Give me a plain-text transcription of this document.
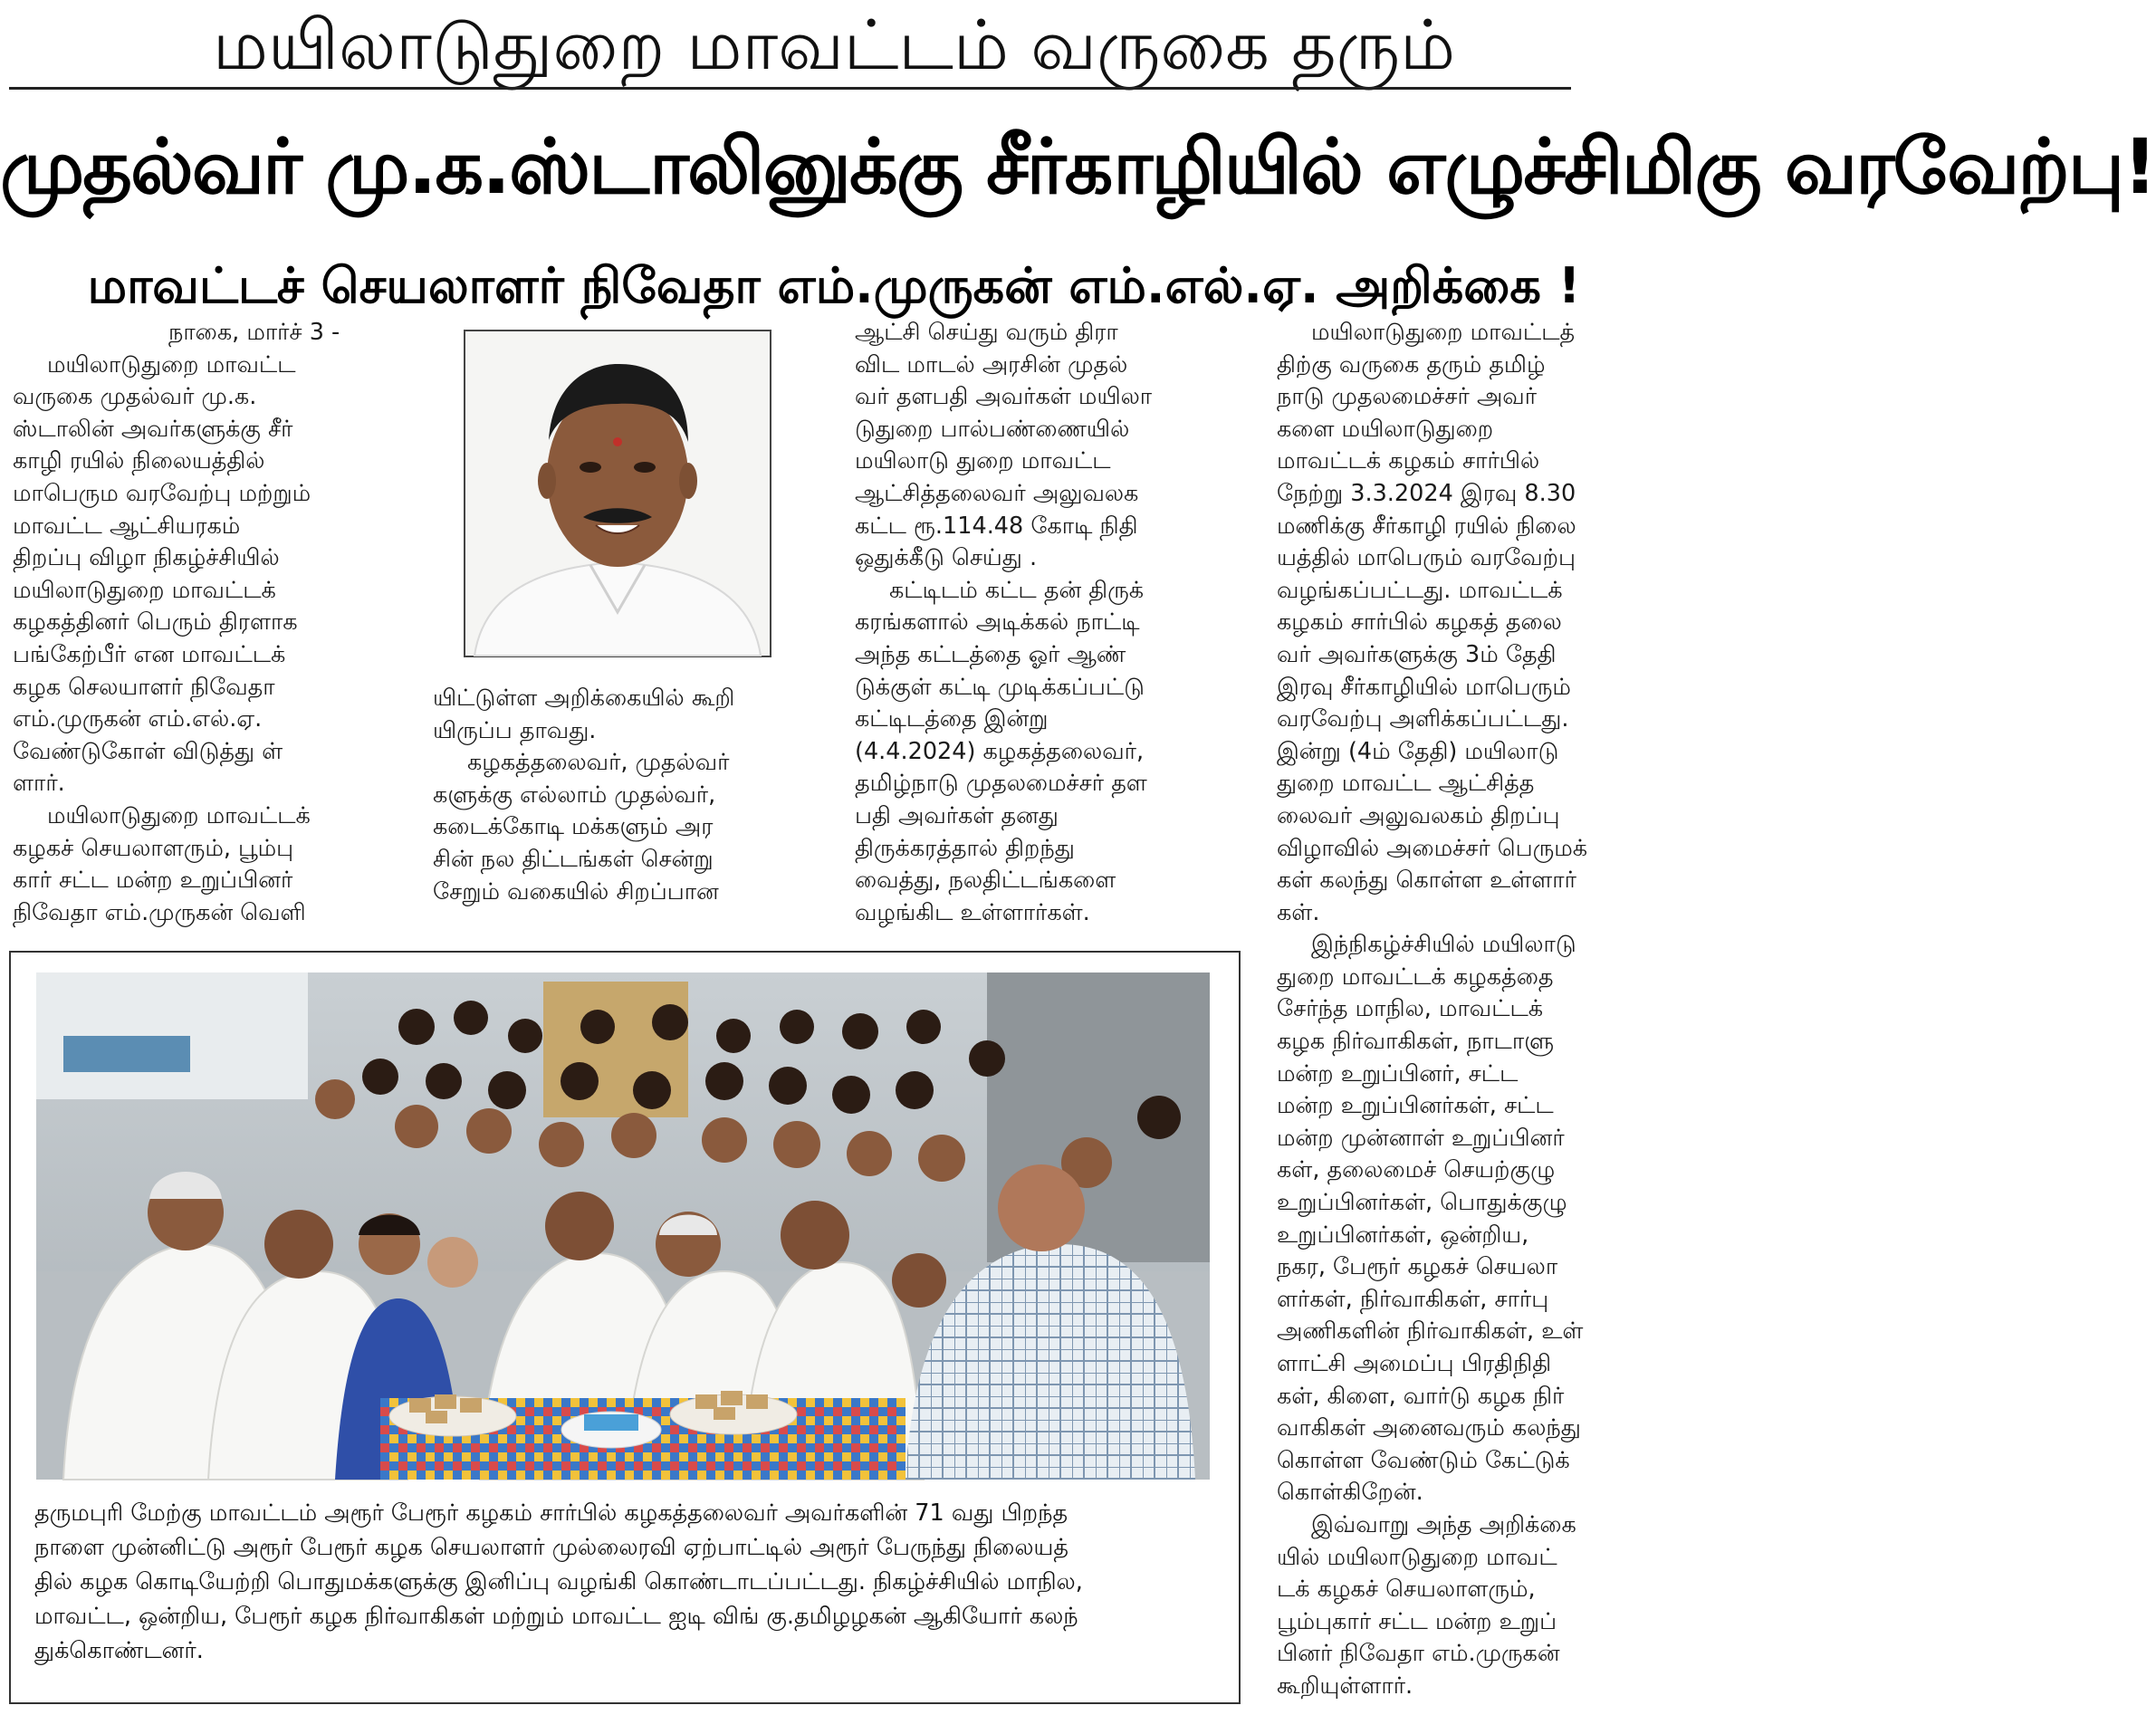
மயிலாடுதுறை மாவட்டம் வருகை தரும்
முதல்வர் மு.க.ஸ்டாலினுக்கு சீர்காழியில் எழுச்சிமிகு வரவேற்பு!
மாவட்டச் செயலாளர் நிவேதா எம்.முருகன் எம்.எல்.ஏ. அறிக்கை !
நாகை, மார்ச் 3 -
மயிலாடுதுறை மாவட்ட
வருகை முதல்வர் மு.க.
ஸ்டாலின் அவர்களுக்கு சீர்
காழி ரயில் நிலையத்தில்
மாபெரும வரவேற்பு மற்றும்
மாவட்ட ஆட்சியரகம்
திறப்பு விழா நிகழ்ச்சியில்
மயிலாடுதுறை மாவட்டக்
கழகத்தினர் பெரும் திரளாக
பங்கேற்பீர் என மாவட்டக்
கழக செலயாளர் நிவேதா
எம்.முருகன் எம்.எல்.ஏ.
வேண்டுகோள் விடுத்து ள்
ளார்.
மயிலாடுதுறை மாவட்டக்
கழகச் செயலாளரும், பூம்பு
கார் சட்ட மன்ற உறுப்பினர்
நிவேதா எம்.முருகன் வெளி
யிட்டுள்ள அறிக்கையில் கூறி
யிருப்ப தாவது.
கழகத்தலைவர், முதல்வர்
களுக்கு எல்லாம் முதல்வர்,
கடைக்கோடி மக்களும் அர
சின் நல திட்டங்கள் சென்று
சேறும் வகையில் சிறப்பான
ஆட்சி செய்து வரும் திரா
விட மாடல் அரசின் முதல்
வர் தளபதி அவர்கள் மயிலா
டுதுறை பால்பண்ணையில்
மயிலாடு துறை மாவட்ட
ஆட்சித்தலைவர் அலுவலக
கட்ட ரூ.114.48 கோடி நிதி
ஒதுக்கீடு செய்து .
கட்டிடம் கட்ட தன் திருக்
கரங்களால் அடிக்கல் நாட்டி
அந்த கட்டத்தை ஓர் ஆண்
டுக்குள் கட்டி முடிக்கப்பட்டு
கட்டிடத்தை இன்று
(4.4.2024) கழகத்தலைவர்,
தமிழ்நாடு முதலமைச்சர் தள
பதி அவர்கள் தனது
திருக்கரத்தால் திறந்து
வைத்து, நலதிட்டங்களை
வழங்கிட உள்ளார்கள்.
மயிலாடுதுறை மாவட்டத்
திற்கு வருகை தரும் தமிழ்
நாடு முதலமைச்சர் அவர்
களை மயிலாடுதுறை
மாவட்டக் கழகம் சார்பில்
நேற்று 3.3.2024 இரவு 8.30
மணிக்கு சீர்காழி ரயில் நிலை
யத்தில் மாபெரும் வரவேற்பு
வழங்கப்பட்டது. மாவட்டக்
கழகம் சார்பில் கழகத் தலை
வர் அவர்களுக்கு 3ம் தேதி
இரவு சீர்காழியில் மாபெரும்
வரவேற்பு அளிக்கப்பட்டது.
இன்று (4ம் தேதி) மயிலாடு
துறை மாவட்ட ஆட்சித்த
லைவர் அலுவலகம் திறப்பு
விழாவில் அமைச்சர் பெருமக்
கள் கலந்து கொள்ள உள்ளார்
கள்.
இந்நிகழ்ச்சியில் மயிலாடு
துறை மாவட்டக் கழகத்தை
சேர்ந்த மாநில, மாவட்டக்
கழக நிர்வாகிகள், நாடாளு
மன்ற உறுப்பினர், சட்ட
மன்ற உறுப்பினர்கள், சட்ட
மன்ற முன்னாள் உறுப்பினர்
கள், தலைமைச் செயற்குழு
உறுப்பினர்கள், பொதுக்குழு
உறுப்பினர்கள், ஒன்றிய,
நகர, பேரூர் கழகச் செயலா
ளர்கள், நிர்வாகிகள், சார்பு
அணிகளின் நிர்வாகிகள், உள்
ளாட்சி அமைப்பு பிரதிநிதி
கள், கிளை, வார்டு கழக நிர்
வாகிகள் அனைவரும் கலந்து
கொள்ள வேண்டும் கேட்டுக்
கொள்கிறேன்.
இவ்வாறு அந்த அறிக்கை
யில் மயிலாடுதுறை மாவட்
டக் கழகச் செயலாளரும்,
பூம்புகார் சட்ட மன்ற உறுப்
பினர் நிவேதா எம்.முருகன்
கூறியுள்ளார்.
தருமபுரி மேற்கு மாவட்டம் அரூர் பேரூர் கழகம் சார்பில் கழகத்தலைவர் அவர்களின் 71 வது பிறந்த
நாளை முன்னிட்டு அரூர் பேரூர் கழக செயலாளர் முல்லைரவி ஏற்பாட்டில் அரூர் பேருந்து நிலையத்
தில் கழக கொடியேற்றி பொதுமக்களுக்கு இனிப்பு வழங்கி கொண்டாடப்பட்டது. நிகழ்ச்சியில் மாநில,
மாவட்ட, ஒன்றிய, பேரூர் கழக நிர்வாகிகள் மற்றும் மாவட்ட ஐடி விங் கு.தமிழழகன் ஆகியோர் கலந்
துக்கொண்டனர்.
